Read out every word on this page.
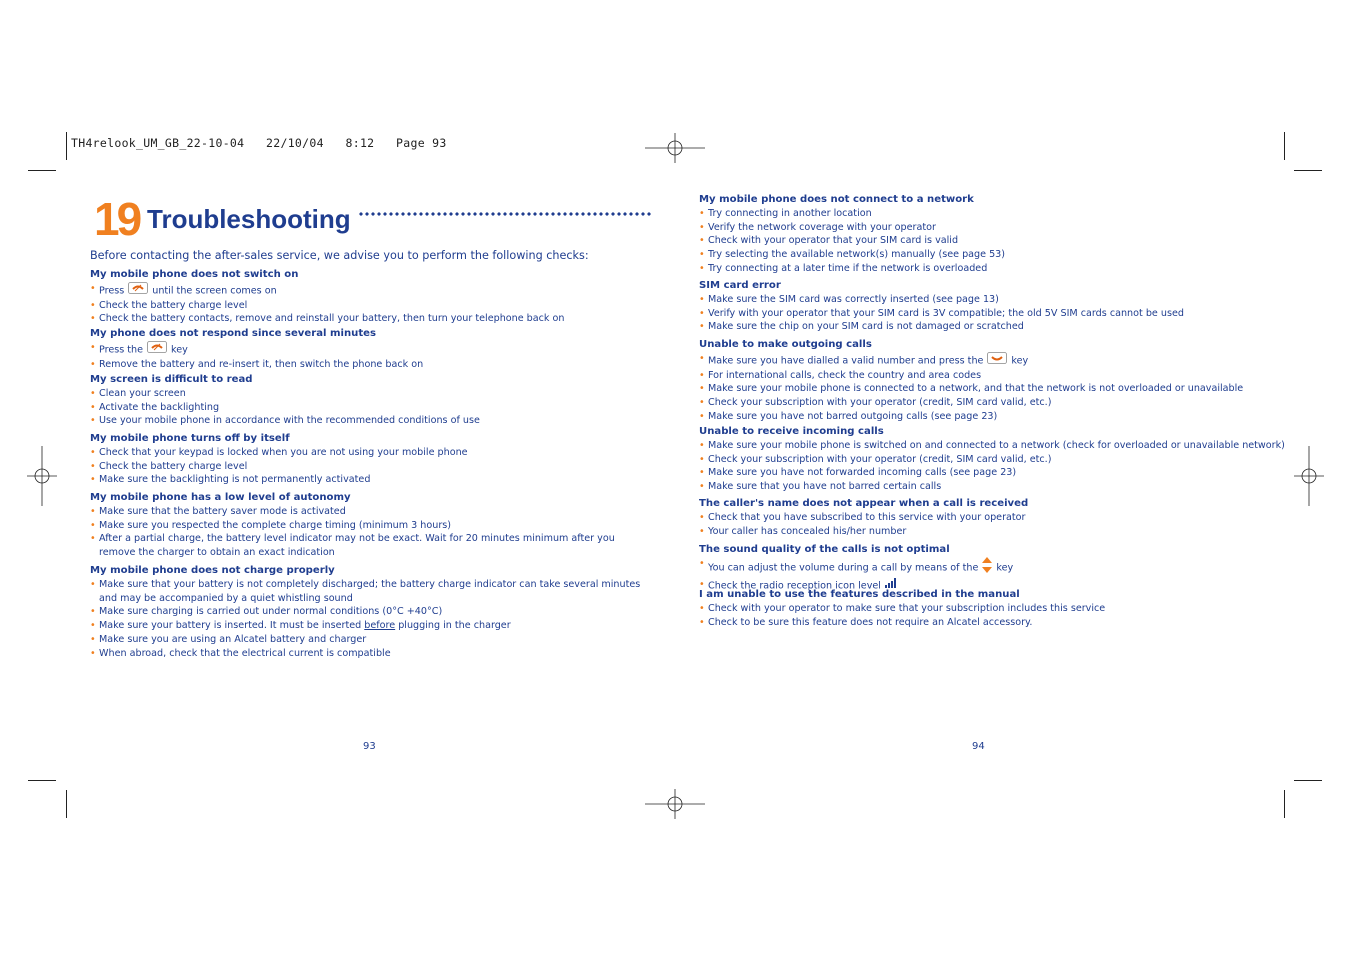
TH4relook_UM_GB_22-10-04   22/10/04   8:12   Page 93
19 Troubleshooting
Before contacting the after-sales service, we advise you to perform the following checks:
My mobile phone does not switch on
• Press	until the screen comes on
• Check the battery charge level
• Check the battery contacts, remove and reinstall your battery, then turn your telephone back on
My phone does not respond since several minutes
• Press the	key
• Remove the battery and re-insert it, then switch the phone back on
My screen is difficult to read
• Clean your screen
• Activate the backlighting
• Use your mobile phone in accordance with the recommended conditions of use
My mobile phone turns off by itself
• Check that your keypad is locked when you are not using your mobile phone
• Check the battery charge level
• Make sure the backlighting is not permanently activated
My mobile phone has a low level of autonomy
• Make sure that the battery saver mode is activated
• Make sure you respected the complete charge timing (minimum 3 hours)
• After a partial charge, the battery level indicator may not be exact. Wait for 20 minutes minimum after you remove the charger to obtain an exact indication
My mobile phone does not charge properly
• Make sure that your battery is not completely discharged; the battery charge indicator can take several minutes and may be accompanied by a quiet whistling sound
• Make sure charging is carried out under normal conditions (0°C +40°C)
• Make sure your battery is inserted. It must be inserted before plugging in the charger
• Make sure you are using an Alcatel battery and charger
• When abroad, check that the electrical current is compatible
My mobile phone does not connect to a network
• Try connecting in another location
• Verify the network coverage with your operator
• Check with your operator that your SIM card is valid
• Try selecting the available network(s) manually (see page 53)
• Try connecting at a later time if the network is overloaded
SIM card error
• Make sure the SIM card was correctly inserted (see page 13)
• Verify with your operator that your SIM card is 3V compatible; the old 5V SIM cards cannot be used
• Make sure the chip on your SIM card is not damaged or scratched
Unable to make outgoing calls
• Make sure you have dialled a valid number and press the	key
• For international calls, check the country and area codes
• Make sure your mobile phone is connected to a network, and that the network is not overloaded or unavailable
• Check your subscription with your operator (credit, SIM card valid, etc.)
• Make sure you have not barred outgoing calls (see page 23)
Unable to receive incoming calls
• Make sure your mobile phone is switched on and connected to a network (check for overloaded or unavailable network)
• Check your subscription with your operator (credit, SIM card valid, etc.)
• Make sure you have not forwarded incoming calls (see page 23)
• Make sure that you have not barred certain calls
The caller's name does not appear when a call is received
• Check that you have subscribed to this service with your operator
• Your caller has concealed his/her number
The sound quality of the calls is not optimal
• You can adjust the volume during a call by means of the key
• Check the radio reception icon level
I am unable to use the features described in the manual
• Check with your operator to make sure that your subscription includes this service
• Check to be sure this feature does not require an Alcatel accessory.
93	94
